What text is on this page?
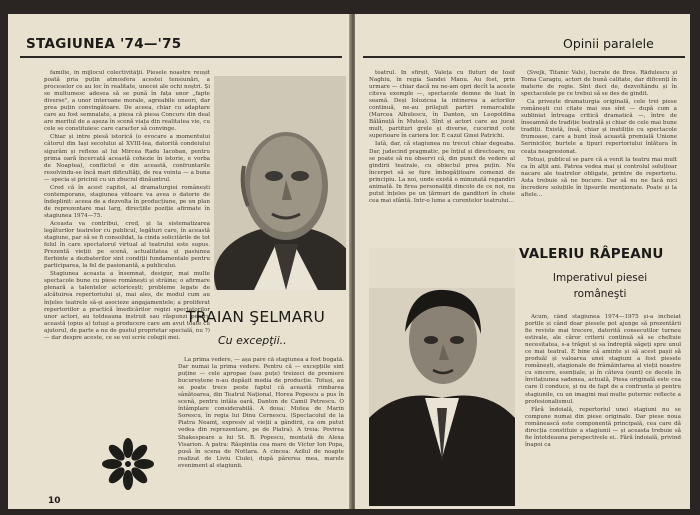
STAGIUNEA '74—'75

familie, în mijlocul colectivităţii. Piesele noastre reușit poată pria puțin atmosfera acestei tensiunări, a proceselor ce au loc în realitate, unecei ale ochi noștri. Și se multumesc adesea să se pună în fața unor „fapte diverse", a unor interoane morale, agreabile uneori, dar prea puțin convingătoare. De aceea, chiar cu adaptare care au fost semnalate, a piesa că piesa Concurs din deal are meritul de a așeza în scenă viața din realitatea vie, cu cele se constituiesc care caracter să convinge.

Chiar și intre piesă istorică (o evocare a momentului câtorul din Iași secolului al XVIII-lea, datorită condeiului sigurăm și reflexe al lui Mircea Radu Iacoban, pentru prima oară încercată această cohezie în istorie, e vorba de Noaptea), conflictul e din această, confruntarile resolvindu-se încă mari dificultăţi, de rea vointa — a buna — specia și pricinii cu un zbuciul dinăuntrul.

Cred că în acest capitol, al dramaturgiei românești contemporane, stagiunea viitoare va avea o datorie de îndeplinit: aceea de a dezvolta în producțiune, pe un plan de reprezentare mai larg, direcțiile poziție afirmate în stagiunea 1974—75.

Aceasta va contribui, cred, și la sistematizarea legăturilor teatrelor cu publicul, legături care, în această stagiune, par să se fi consolidat, la cinda solicitările de tot felul în care spectatorul virtual al teatrului este supus. Prezentă viețiii pe scenă, actualitatea și pasiunea flerbinte a dezbaterilor sint condiții fundamentale pentru participarea, la fel de pasionantă, a publicului.

Stagiunea aceasta a însemnat, desigur, mai multe spectacole bune cu piese românești și străine; o afirmare plenară a talentelor actoricești; probleme legate de alcătuirea repertoriului și, mai ales, de modul cum au înțeles teatrele să-și asocieze angajamentele; a proliferat repertoriilor a practică îmedicărilor regizi spectatorilor unor actori, au totdeauna instruit sau răspunzi pentru această (opus a) totuși a producere care am avut toate cu ajutorul, de parte a nu de gustul proprietar specială, nu ?) — dar despre aceste, ce se voi scrie colegii mei.

TRAIAN ŞELMARU
Cu excepţii..

La prima vedere, — așa pare că stagiunea a fost bogată. Dar numai la prima vedere. Pentru că — excepțiile sint puține — cele apropae (sau puțe) treizeci de premiere bucureștene n-au depășit media de producție. Totuși, au se poate trece peste faptul că această rimbarea sânătoarea, din Teatrul Național, Horea Popescu a pus în scenă, pentru intâia oară, Danton de Camil Petrescu. O întâmplare considerabilă. A doua: Mutea de Marin Sorescu, în regia lui Dinu Cernescu. (Spectacolul de la Piatra Neamț, expresiv al vieții a gândirii, ca om putut vedea din reprezentare, pe de Piatra). A treia: Povirea Shakespeare a lui St. B. Popescu, montată de Alexa Visarion. A patra: Răspintia cea mare de Victor Ion Popa, pusă în scena de Nottara. A cincea: Azilul de noapte realizat de Liviu Ciulei, după părerea mea, marele eveniment al stagiunii.

10
Opinii paralele

teatrul. În sfîrșit, Valeța cu fluturi de Iosif Naghiu, în regia Sandei Manu. Au fost, prin urmare — chiar dacă nu ne-am opri decît la aceste citeva exemple —, spectacole demne de luat în seamă. Deși Iolozicea la intinerea a actorilor continuă, ne-au prilejuit partiri remarcabile (Marcea Albulescu, în Danton, un Leopoldina Bălănuță în Mutea). Sînt și actori care au jucat mult, partituri grele și diverse, cucerind cote superioare în cariera lor. E cazul Ginei Patrichi.

Iată, dar, că stagiunea nu trecut chiar degeaba. Dar, judecind pragmatic, pe înțiul și directoare, nu se poate să nu observi că, din punct de vedere al gindirii teatrale, cu obiectul prea puțin. Nu încerpet să se fure îmbogățitoare comenzi de principiu. La noi, unde există o minunată regandiri animată. In firea personaliții dincolo de ce noi, nu putut înțeles pe un țărmuri de ganditori în cheie cea mai sfântă. Intr-o lume a curentelor teatrului...

(Svejk, Titanic Vals), lucrate de Bros. Rădulescu și Toma Caragiu, actori de bună calitate, dar dificenți în materie de regie. Sînt deci de, dezvoltându și în spectacolele pe ce trebui să se des de gindit.

Ca privește dramaturgia originală, cele trei piese românești cui citate mai sus sînt — după cum a subliniat întreaga critică dramatică —, între de înseamnă de tradiție teatrală și chiar de cele mai bune tradiții. Există, însă, chiar și inutiliție cu spectacole frumoase, care a bunt însă această premială Unione Serinicilor, burtele a tipuri repertoriului înlătura în ceața neagresionat.

Totuși, publicul se pare că a venit la teatru mai mult ca în alții ani. Patrea vedea mai și controlul soluțioar nacare ale teatrelor obligate, printre de repertoriu. Asta trebuie să ne bucure. Dar să nu ne facă nici încredere soluțiile în lipsurile menționate. Poate și la altele...

VALERIU RÂPEANU
Imperativul piesei româneşti

Acum, când stagiunea 1974—1975 și-a încheiat portile și când doar piesele pot ajunge să prezentării fie reviste mai trecere, datorită consecutilor turneu estivale, ale căror criterii continuă să se cheltuie necesitatea, s-a trăgut și sa îndreptă săgeți spre unul ce mai teatral. E bine că aminte și să acest pașii să produăl și valoarea unei stagiuni a fost piesele românești, stagionale de frâmăintarea al vieții noastre cu sincere, esențiale, și în câteva (sunt) ce decele în învitațiunea sadenea, actuală, Piesa originală este cea care îl conduce, și nu de fapt de a confrunta și pentru stagiunile, cu un imagini mai multe puternic reflecte a profesionalismul.

Fără îndoială, repertoriul unei stagiuni nu se compune numai din piese originale. Dar piese noua românească este componentă principală, cea care dă direcția constituie a stagiunii — și aceasta trebuie să fie întotdeauna perspectivele ei.. Fără îndoială, privind înapoi ca
